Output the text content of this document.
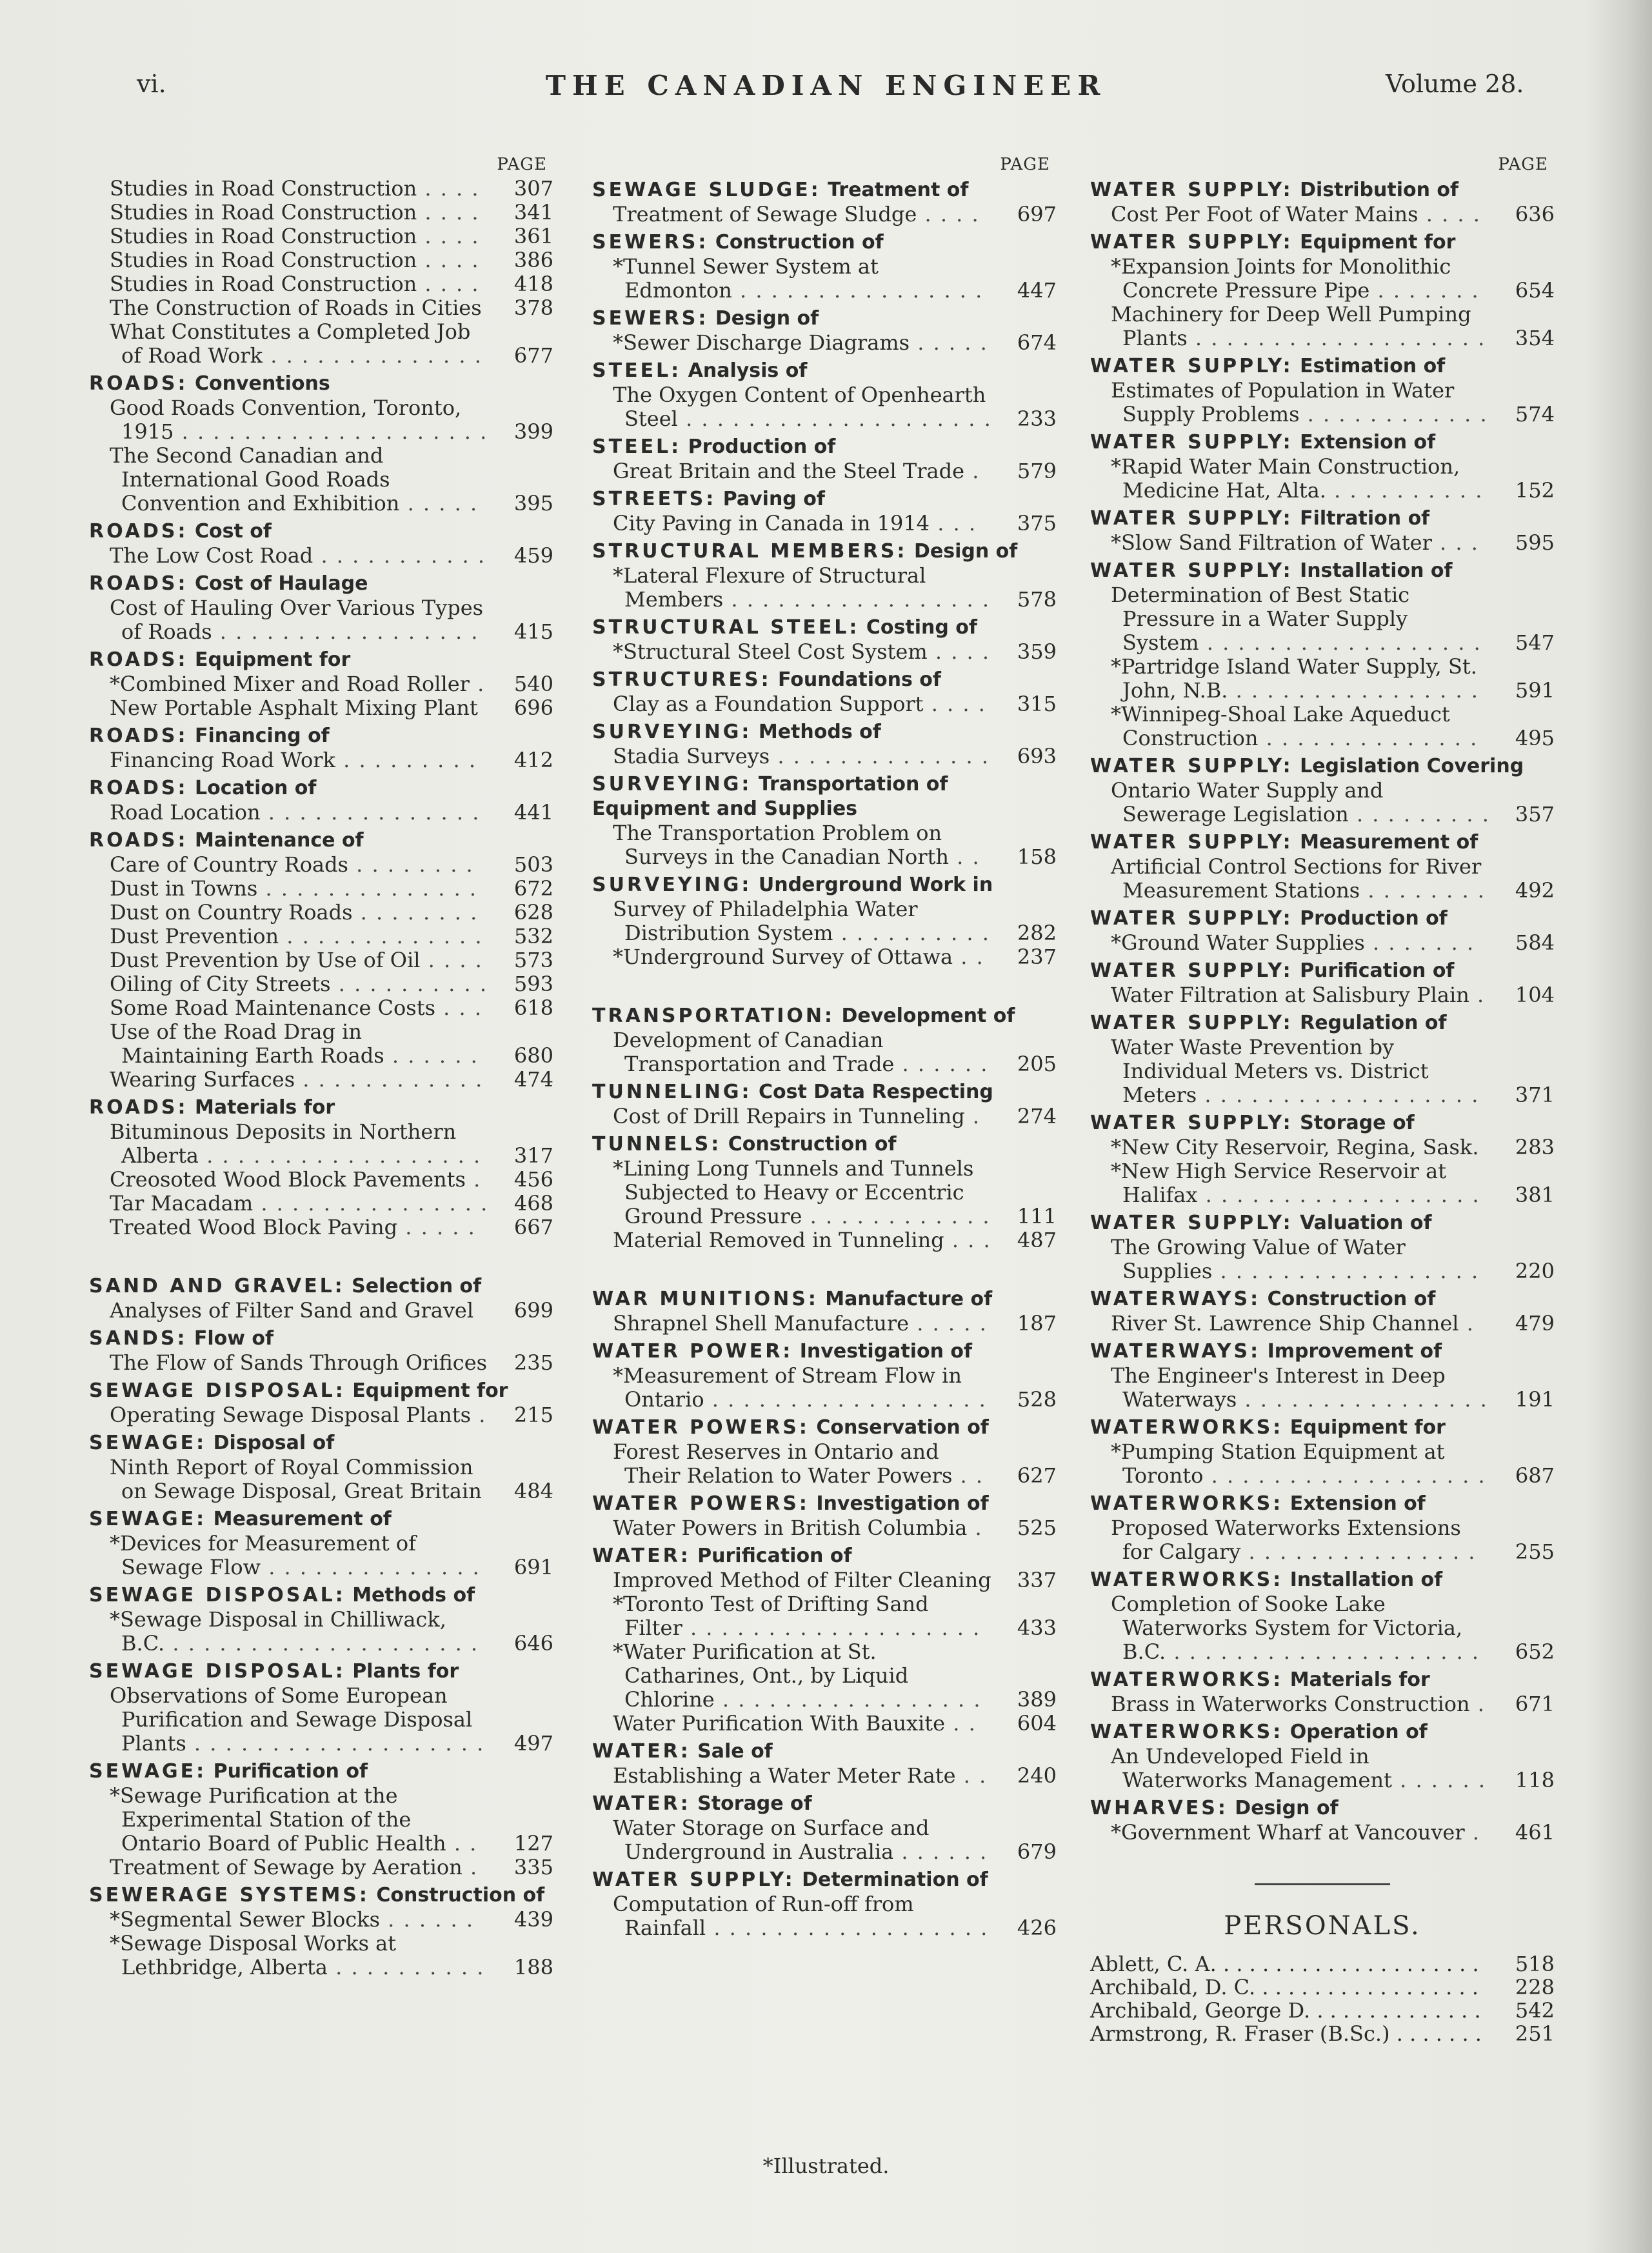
vi.	THE CANADIAN ENGINEER	Volume 28.
PAGE
Studies in Road Construction . . . .	307
Studies in Road Construction . . . .	341
Studies in Road Construction . . . .	361
Studies in Road Construction . . . .	386
Studies in Road Construction . . . .	418
The Construction of Roads in Cities	378
What Constitutes a Completed Job of Road Work . . . . . . . . . . . . . .	677
ROADS: Conventions
Good Roads Convention, Toronto, 1915 . . . . . . . . . . . . . . . . . . . .	399
The Second Canadian and International Good Roads Convention and Exhibition . . . . .	395
ROADS: Cost of
The Low Cost Road . . . . . . . . . . .	459
ROADS: Cost of Haulage
Cost of Hauling Over Various Types of Roads . . . . . . . . . . . . . . . . .	415
ROADS: Equipment for
*Combined Mixer and Road Roller .	540
New Portable Asphalt Mixing Plant	696
ROADS: Financing of
Financing Road Work . . . . . . . . .	412
ROADS: Location of
Road Location . . . . . . . . . . . . . .	441
ROADS: Maintenance of
Care of Country Roads . . . . . . . .	503
Dust in Towns . . . . . . . . . . . . . .	672
Dust on Country Roads . . . . . . . .	628
Dust Prevention . . . . . . . . . . . . .	532
Dust Prevention by Use of Oil . . . .	573
Oiling of City Streets . . . . . . . . . .	593
Some Road Maintenance Costs . . .	618
Use of the Road Drag in Maintaining Earth Roads . . . . . .	680
Wearing Surfaces . . . . . . . . . . . .	474
ROADS: Materials for
Bituminous Deposits in Northern Alberta . . . . . . . . . . . . . . . . . .	317
Creosoted Wood Block Pavements .	456
Tar Macadam . . . . . . . . . . . . . . .	468
Treated Wood Block Paving . . . . .	667
SAND AND GRAVEL: Selection of
Analyses of Filter Sand and Gravel	699
SANDS: Flow of
The Flow of Sands Through Orifices	235
SEWAGE DISPOSAL: Equipment for
Operating Sewage Disposal Plants .	215
SEWAGE: Disposal of
Ninth Report of Royal Commission on Sewage Disposal, Great Britain	484
SEWAGE: Measurement of
*Devices for Measurement of Sewage Flow . . . . . . . . . . . . . .	691
SEWAGE DISPOSAL: Methods of
*Sewage Disposal in Chilliwack, B.C. . . . . . . . . . . . . . . . . . . . .	646
SEWAGE DISPOSAL: Plants for
Observations of Some European Purification and Sewage Disposal Plants . . . . . . . . . . . . . . . . . . .	497
SEWAGE: Purification of
*Sewage Purification at the Experimental Station of the Ontario Board of Public Health . .	127
Treatment of Sewage by Aeration .	335
SEWERAGE SYSTEMS: Construction of
*Segmental Sewer Blocks . . . . . .	439
*Sewage Disposal Works at Lethbridge, Alberta . . . . . . . . . .	188
PAGE
SEWAGE SLUDGE: Treatment of
Treatment of Sewage Sludge . . . .	697
SEWERS: Construction of
*Tunnel Sewer System at Edmonton . . . . . . . . . . . . . . . .	447
SEWERS: Design of
*Sewer Discharge Diagrams . . . . .	674
STEEL: Analysis of
The Oxygen Content of Openhearth Steel . . . . . . . . . . . . . . . . . . . .	233
STEEL: Production of
Great Britain and the Steel Trade .	579
STREETS: Paving of
City Paving in Canada in 1914 . . .	375
STRUCTURAL MEMBERS: Design of
*Lateral Flexure of Structural Members . . . . . . . . . . . . . . . . .	578
STRUCTURAL STEEL: Costing of
*Structural Steel Cost System . . . .	359
STRUCTURES: Foundations of
Clay as a Foundation Support . . . .	315
SURVEYING: Methods of
Stadia Surveys . . . . . . . . . . . . . .	693
SURVEYING: Transportation of Equipment and Supplies
The Transportation Problem on Surveys in the Canadian North . .	158
SURVEYING: Underground Work in
Survey of Philadelphia Water Distribution System . . . . . . . . . .	282
*Underground Survey of Ottawa . .	237
TRANSPORTATION: Development of
Development of Canadian Transportation and Trade . . . . . .	205
TUNNELING: Cost Data Respecting
Cost of Drill Repairs in Tunneling .	274
TUNNELS: Construction of
*Lining Long Tunnels and Tunnels Subjected to Heavy or Eccentric Ground Pressure . . . . . . . . . . . .	111
Material Removed in Tunneling . . .	487
WAR MUNITIONS: Manufacture of
Shrapnel Shell Manufacture . . . . .	187
WATER POWER: Investigation of
*Measurement of Stream Flow in Ontario . . . . . . . . . . . . . . . . . .	528
WATER POWERS: Conservation of
Forest Reserves in Ontario and Their Relation to Water Powers . .	627
WATER POWERS: Investigation of
Water Powers in British Columbia .	525
WATER: Purification of
Improved Method of Filter Cleaning	337
*Toronto Test of Drifting Sand Filter . . . . . . . . . . . . . . . . . . .	433
*Water Purification at St. Catharines, Ont., by Liquid Chlorine . . . . . . . . . . . . . . . . .	389
Water Purification With Bauxite . .	604
WATER: Sale of
Establishing a Water Meter Rate . .	240
WATER: Storage of
Water Storage on Surface and Underground in Australia . . . . . .	679
WATER SUPPLY: Determination of
Computation of Run-off from Rainfall . . . . . . . . . . . . . . . . . .	426
PAGE
WATER SUPPLY: Distribution of
Cost Per Foot of Water Mains . . . .	636
WATER SUPPLY: Equipment for
*Expansion Joints for Monolithic Concrete Pressure Pipe . . . . . . .	654
Machinery for Deep Well Pumping Plants . . . . . . . . . . . . . . . . . . .	354
WATER SUPPLY: Estimation of
Estimates of Population in Water Supply Problems . . . . . . . . . . . .	574
WATER SUPPLY: Extension of
*Rapid Water Main Construction, Medicine Hat, Alta. . . . . . . . . . .	152
WATER SUPPLY: Filtration of
*Slow Sand Filtration of Water . . .	595
WATER SUPPLY: Installation of
Determination of Best Static Pressure in a Water Supply System . . . . . . . . . . . . . . . . . .	547
*Partridge Island Water Supply, St. John, N.B. . . . . . . . . . . . . . . . .	591
*Winnipeg-Shoal Lake Aqueduct Construction . . . . . . . . . . . . . .	495
WATER SUPPLY: Legislation Covering
Ontario Water Supply and Sewerage Legislation . . . . . . . . .	357
WATER SUPPLY: Measurement of
Artificial Control Sections for River Measurement Stations . . . . . . . .	492
WATER SUPPLY: Production of
*Ground Water Supplies . . . . . . .	584
WATER SUPPLY: Purification of
Water Filtration at Salisbury Plain .	104
WATER SUPPLY: Regulation of
Water Waste Prevention by Individual Meters vs. District Meters . . . . . . . . . . . . . . . . . .	371
WATER SUPPLY: Storage of
*New City Reservoir, Regina, Sask.	283
*New High Service Reservoir at Halifax . . . . . . . . . . . . . . . . . .	381
WATER SUPPLY: Valuation of
The Growing Value of Water Supplies . . . . . . . . . . . . . . . . .	220
WATERWAYS: Construction of
River St. Lawrence Ship Channel .	479
WATERWAYS: Improvement of
The Engineer's Interest in Deep Waterways . . . . . . . . . . . . . . . .	191
WATERWORKS: Equipment for
*Pumping Station Equipment at Toronto . . . . . . . . . . . . . . . . . .	687
WATERWORKS: Extension of
Proposed Waterworks Extensions for Calgary . . . . . . . . . . . . . . .	255
WATERWORKS: Installation of
Completion of Sooke Lake Waterworks System for Victoria, B.C. . . . . . . . . . . . . . . . . . . . .	652
WATERWORKS: Materials for
Brass in Waterworks Construction .	671
WATERWORKS: Operation of
An Undeveloped Field in Waterworks Management . . . . . .	118
WHARVES: Design of
*Government Wharf at Vancouver .	461
PERSONALS.
Ablett, C. A. . . . . . . . . . . . . . . . . . . . .	518
Archibald, D. C. . . . . . . . . . . . . . . . . .	228
Archibald, George D. . . . . . . . . . . . . .	542
Armstrong, R. Fraser (B.Sc.) . . . . . . .	251
*Illustrated.
